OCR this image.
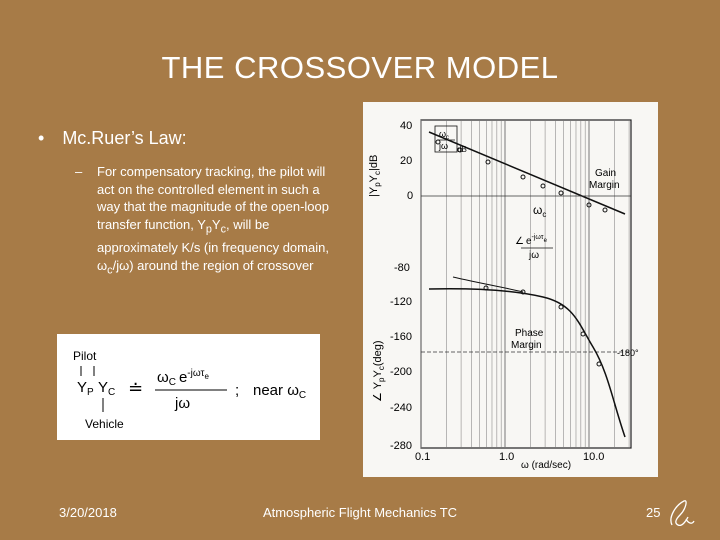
THE CROSSOVER MODEL
• Mc.Ruer’s Law:
–	For compensatory tracking, the pilot will act on the controlled element in such a way that the magnitude of the open-loop transfer function, $Y_pY_c$, will be approximately K/s (in frequency domain, $\omega_c/j\omega$) around the region of crossover

Pilot
$Y_P$ $Y_C$
Vehicle
≐
$\omega_C$ $e^{-j\omega\tau}_e$
jω
; near $\omega_C$
$|Y_pY_c|dB$
∠ $Y_pY_c(deg)$
40
20
0
-80
-120
-160
-200
-240
-280
0.1	1.0	10.0
ω (rad/sec)
$\omega_c$
jω dB
Gain
Margin
$\omega_c$
∠ $e^{-j\omega\tau}_e$
jω
Phase
Margin
-180°
3/20/2018	Atmospheric Flight Mechanics TC	25
